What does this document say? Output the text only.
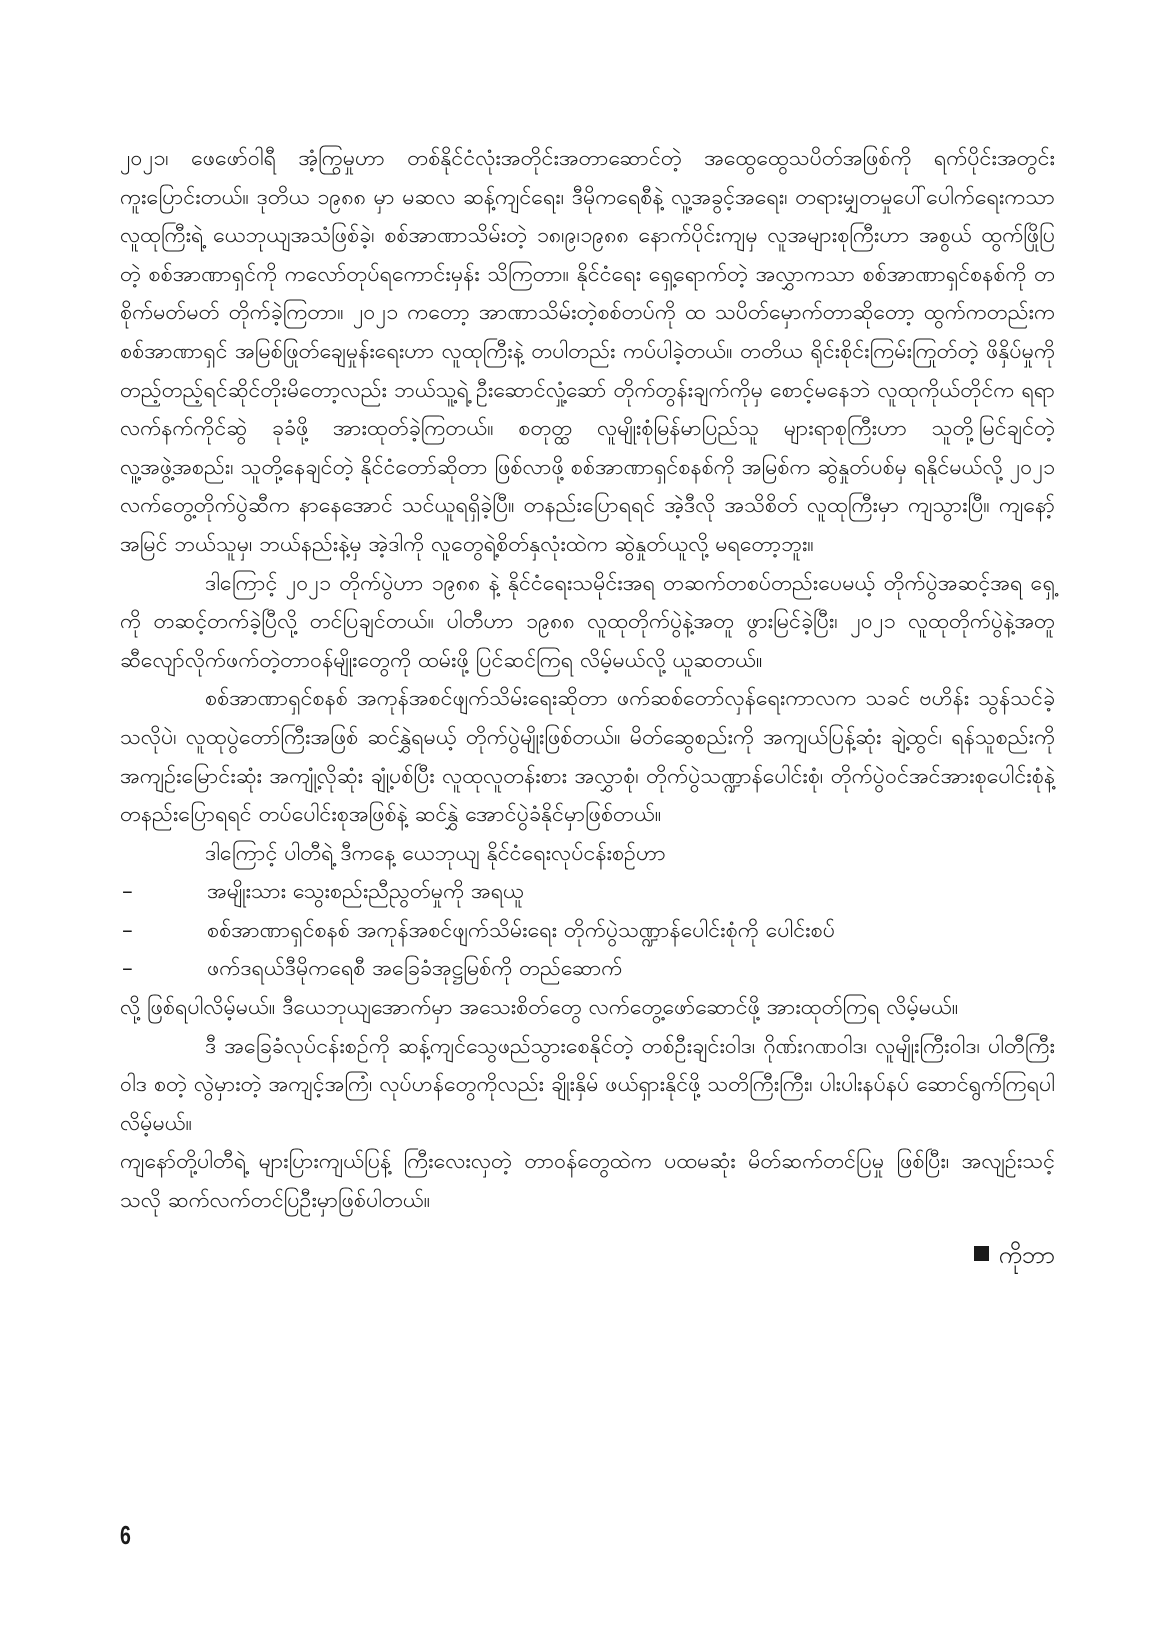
၂၀၂၁၊ ဖေဖော်ဝါရီ အံ့ကြွမှုဟာ တစ်နိုင်ငံလုံးအတိုင်းအတာဆောင်တဲ့ အထွေထွေသပိတ်အဖြစ်ကို ရက်ပိုင်းအတွင်း ကူးပြောင်းတယ်။ ဒုတိယ ၁၉၈၈ မှာ မဆလ ဆန့်ကျင်ရေး၊ ဒီမိုကရေစီနဲ့ လူ့အခွင့်အရေး၊ တရားမျှတမှုပေါ်ပေါက်ရေးကသာ လူထုကြီးရဲ့ ယေဘုယျအသံဖြစ်ခဲ့၊ စစ်အာဏာသိမ်းတဲ့ ၁၈၊၉၊၁၉၈၈ နောက်ပိုင်းကျမှ လူအများစုကြီးဟာ အစွယ် ထွက်ဖြိုပြတဲ့ စစ်အာဏာရှင်ကို ကလော်တုပ်ရကောင်းမှန်း သိကြတာ။ နိုင်ငံရေး ရှေ့ရောက်တဲ့ အလွှာကသာ စစ်အာဏာရှင်စနစ်ကို တစိုက်မတ်မတ် တိုက်ခဲ့ကြတာ။ ၂၀၂၁ ကတော့ အာဏာသိမ်းတဲ့စစ်တပ်ကို ထ သပိတ်မှောက်တာဆိုတော့ ထွက်ကတည်းက စစ်အာဏာရှင် အမြစ်ဖြုတ်ချေမှုန်းရေးဟာ လူထုကြီးနဲ့ တပါတည်း ကပ်ပါခဲ့တယ်။ တတိယ ရိုင်းစိုင်းကြမ်းကြုတ်တဲ့ ဖိနှိပ်မှုကို တည့်တည့်ရင်ဆိုင်တိုးမိတော့လည်း ဘယ်သူ့ရဲ့ ဦးဆောင်လှုံ့ဆော် တိုက်တွန်းချက်ကိုမှ စောင့်မနေဘဲ လူထုကိုယ်တိုင်က ရရာလက်နက်ကိုင်ဆွဲ ခုခံဖို့ အားထုတ်ခဲ့ကြတယ်။ စတုတ္ထ လူမျိုးစုံမြန်မာပြည်သူ များရာစုကြီးဟာ သူတို့မြင်ချင်တဲ့ လူ့အဖွဲ့အစည်း၊ သူတို့နေချင်တဲ့ နိုင်ငံတော်ဆိုတာ ဖြစ်လာဖို့ စစ်အာဏာရှင်စနစ်ကို အမြစ်က ဆွဲနှုတ်ပစ်မှ ရနိုင်မယ်လို့ ၂၀၂၁ လက်တွေ့တိုက်ပွဲဆီက နာနေအောင် သင်ယူရရှိခဲ့ပြီ။ တနည်းပြောရရင် အဲ့ဒီလို အသိစိတ် လူထုကြီးမှာ ကျသွားပြီ။ ကျနော့်အမြင် ဘယ်သူမှ၊ ဘယ်နည်းနဲ့မှ အဲ့ဒါကို လူတွေရဲ့စိတ်နှလုံးထဲက ဆွဲနှုတ်ယူလို့ မရတော့ဘူး။

ဒါကြောင့် ၂၀၂၁ တိုက်ပွဲဟာ ၁၉၈၈ နဲ့ နိုင်ငံရေးသမိုင်းအရ တဆက်တစပ်တည်းပေမယ့် တိုက်ပွဲအဆင့်အရ ရှေ့ကို တဆင့်တက်ခဲ့ပြီလို့ တင်ပြချင်တယ်။ ပါတီဟာ ၁၉၈၈ လူထုတိုက်ပွဲနဲ့အတူ ဖွားမြင်ခဲ့ပြီး၊ ၂၀၂၁ လူထုတိုက်ပွဲနဲ့အတူ ဆီလျော်လိုက်ဖက်တဲ့တာဝန်မျိုးတွေကို ထမ်းဖို့ ပြင်ဆင်ကြရ လိမ့်မယ်လို့ ယူဆတယ်။

စစ်အာဏာရှင်စနစ် အကုန်အစင်ဖျက်သိမ်းရေးဆိုတာ ဖက်ဆစ်တော်လှန်ရေးကာလက သခင် ဗဟိန်း သွန်သင်ခဲ့သလိုပဲ၊ လူထုပွဲတော်ကြီးအဖြစ် ဆင်နွှဲရမယ့် တိုက်ပွဲမျိုးဖြစ်တယ်။ မိတ်ဆွေစည်းကို အကျယ်ပြန့်ဆုံး ချဲ့ထွင်၊ ရန်သူစည်းကို အကျဉ်းမြောင်းဆုံး အကျုံ့လိုဆုံး ချုံ့ပစ်ပြီး လူထုလူတန်းစား အလွှာစုံ၊ တိုက်ပွဲသဏ္ဍာန်ပေါင်းစုံ၊ တိုက်ပွဲဝင်အင်အားစုပေါင်းစုံနဲ့ တနည်းပြောရရင် တပ်ပေါင်းစုအဖြစ်နဲ့ ဆင်နွှဲ အောင်ပွဲခံနိုင်မှာဖြစ်တယ်။

ဒါကြောင့် ပါတီရဲ့ ဒီကနေ့ ယေဘုယျ နိုင်ငံရေးလုပ်ငန်းစဉ်ဟာ

–	အမျိုးသား သွေးစည်းညီညွတ်မှုကို အရယူ
–	စစ်အာဏာရှင်စနစ် အကုန်အစင်ဖျက်သိမ်းရေး တိုက်ပွဲသဏ္ဍာန်ပေါင်းစုံကို ပေါင်းစပ်
–	ဖက်ဒရယ်ဒီမိုကရေစီ အခြေခံအုဋ္ဌမြစ်ကို တည်ဆောက်

လို့ ဖြစ်ရပါလိမ့်မယ်။ ဒီယေဘုယျအောက်မှာ အသေးစိတ်တွေ လက်တွေ့ဖော်ဆောင်ဖို့ အားထုတ်ကြရ လိမ့်မယ်။

ဒီ အခြေခံလုပ်ငန်းစဉ်ကို ဆန့်ကျင်သွေဖည်သွားစေနိုင်တဲ့ တစ်ဦးချင်းဝါဒ၊ ဂိုဏ်းဂဏဝါဒ၊ လူမျိုးကြီးဝါဒ၊ ပါတီကြီးဝါဒ စတဲ့ လွဲမှားတဲ့ အကျင့်အကြံ၊ လုပ်ဟန်တွေကိုလည်း ချိုးနှိမ် ဖယ်ရှားနိုင်ဖို့ သတိကြီးကြီး၊ ပါးပါးနပ်နပ် ဆောင်ရွက်ကြရပါလိမ့်မယ်။

ကျနော်တို့ပါတီရဲ့ များပြားကျယ်ပြန့် ကြီးလေးလှတဲ့ တာဝန်တွေထဲက ပထမဆုံး မိတ်ဆက်တင်ပြမှု ဖြစ်ပြီး၊ အလျဉ်းသင့်သလို ဆက်လက်တင်ပြဦးမှာဖြစ်ပါတယ်။

ကိုဘာ
6
